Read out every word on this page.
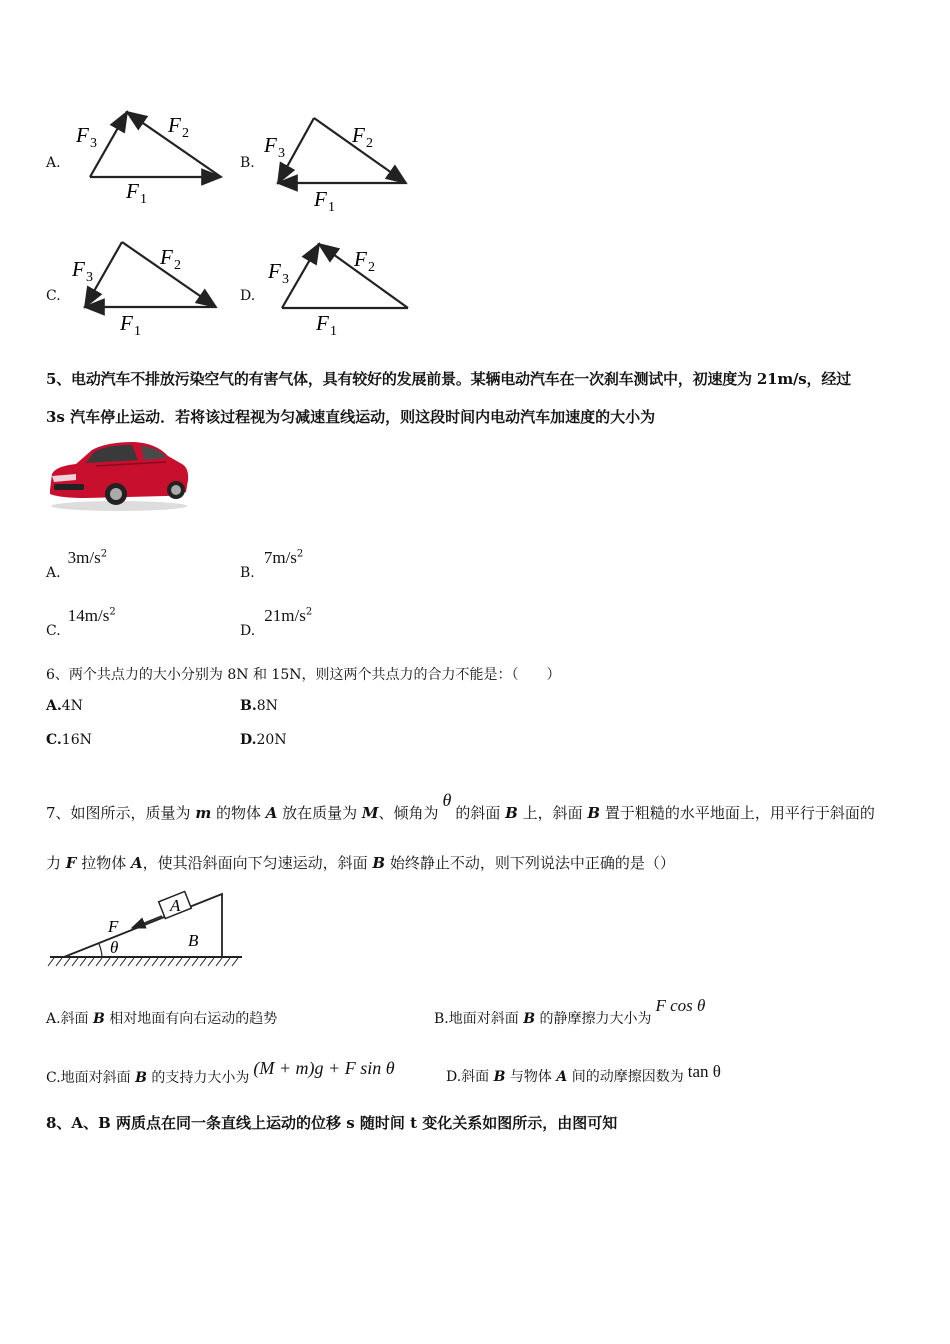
A.
F 3
F 2
F 1
B.
F 3
F 2
F 1
C.
F 3
F 2
F 1
D.
F 3
F 2
F 1
5、电动汽车不排放污染空气的有害气体，具有较好的发展前景。某辆电动汽车在一次刹车测试中，初速度为 21m/s，经过
3s 汽车停止运动．若将该过程视为匀减速直线运动，则这段时间内电动汽车加速度的大小为
A. $3m/s^2$
B. $7m/s^2$
C. $14m/s^2$
D. $21m/s^2$
6、两个共点力的大小分别为 8N 和 15N，则这两个共点力的合力不能是：（　　）
A.4N	B.8N
C.16N	D.20N
7、如图所示，质量为 m 的物体 A 放在质量为 M、倾角为θ的斜面 B 上，斜面 B 置于粗糙的水平地面上，用平行于斜面的
力 F 拉物体 A，使其沿斜面向下匀速运动，斜面 B 始终静止不动，则下列说法中正确的是（）
A
F
θ	B
A.斜面 B 相对地面有向右运动的趋势	B.地面对斜面 B 的静摩擦力大小为F cos θ
C.地面对斜面 B 的支持力大小为 (M + m)g + F sin θ	D.斜面 B 与物体 A 间的动摩擦因数为 tan θ
8、A、B 两质点在同一条直线上运动的位移 s 随时间 t 变化关系如图所示，由图可知
